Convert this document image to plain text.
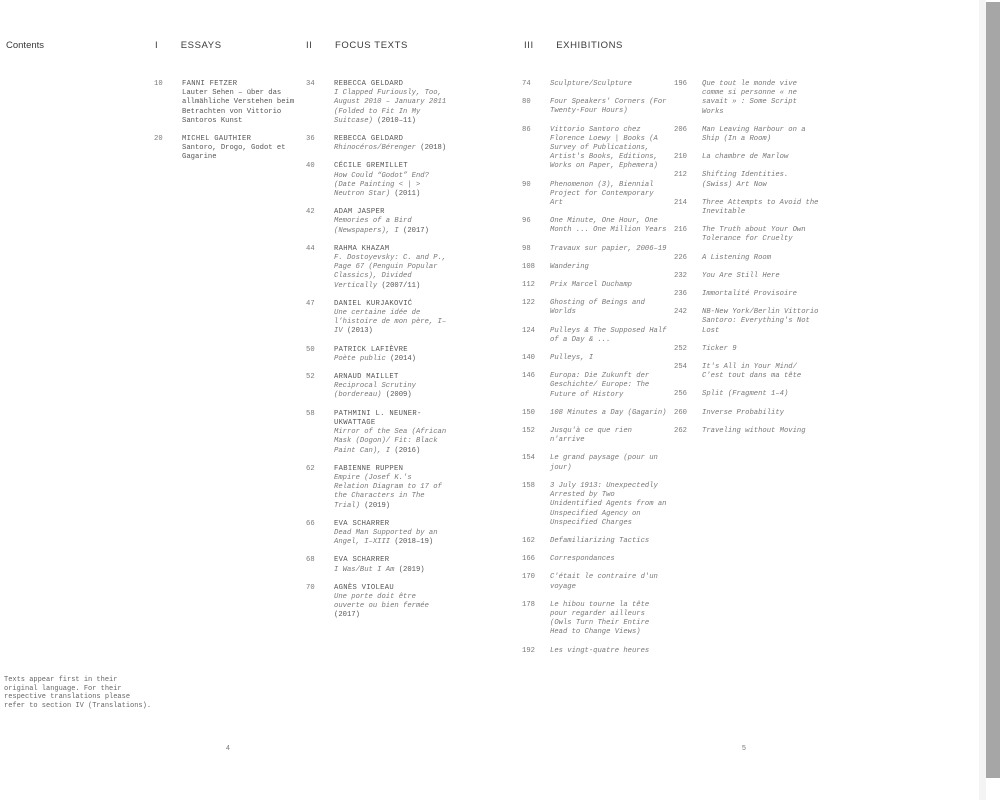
Contents	I ESSAYS	II FOCUS TEXTS	III EXHIBITIONS
10	FANNI FETZER
Lauter Sehen – über das allmähliche Verstehen beim Betrachten von Vittorio Santoros Kunst
20	MICHEL GAUTHIER
Santoro, Drogo, Godot et Gagarine
34	REBECCA GELDARD
I Clapped Furiously, Too, August 2010 – January 2011 (Folded to Fit In My Suitcase) (2010–11)
36	REBECCA GELDARD
Rhinocéros/Bérenger (2018)
40	CÉCILE GREMILLET
How Could “Godot” End? (Date Painting < | > Neutron Star) (2011)
42	ADAM JASPER
Memories of a Bird (Newspapers), I (2017)
44	RAHMA KHAZAM
F. Dostoyevsky: C. and P., Page 67 (Penguin Popular Classics), Divided Vertically (2007/11)
47	DANIEL KURJAKOVIĆ
Une certaine idée de l’histoire de mon père, I–IV (2013)
50	PATRICK LAFIÈVRE
Poète public (2014)
52	ARNAUD MAILLET
Reciprocal Scrutiny (bordereau) (2009)
58	PATHMINI L. NEUNER-UKWATTAGE
Mirror of the Sea (African Mask (Dogon)/ Fit: Black Paint Can), I (2016)
62	FABIENNE RUPPEN
Empire (Josef K.'s Relation Diagram to 17 of the Characters in The Trial) (2019)
66	EVA SCHARRER
Dead Man Supported by an Angel, I–XIII (2018–19)
68	EVA SCHARRER
I Was/But I Am (2019)
70	AGNÈS VIOLEAU
Une porte doit être ouverte ou bien fermée (2017)
74	Sculpture/Sculpture
80	Four Speakers' Corners (For Twenty-Four Hours)
86	Vittorio Santoro chez Florence Loewy | Books (A Survey of Publications, Artist's Books, Editions, Works on Paper, Ephemera)
90	Phenomenon (3), Biennial Project for Contemporary Art
96	One Minute, One Hour, One Month ... One Million Years
98	Travaux sur papier, 2006–19
108	Wandering
112	Prix Marcel Duchamp
122	Ghosting of Beings and Worlds
124	Pulleys & The Supposed Half of a Day & ...
140	Pulleys, I
146	Europa: Die Zukunft der Geschichte/ Europe: The Future of History
150	108 Minutes a Day (Gagarin)
152	Jusqu'à ce que rien n'arrive
154	Le grand paysage (pour un jour)
158	3 July 1913: Unexpectedly Arrested by Two Unidentified Agents from an Unspecified Agency on Unspecified Charges
162	Defamiliarizing Tactics
166	Correspondances
170	C'était le contraire d'un voyage
178	Le hibou tourne la tête pour regarder ailleurs (Owls Turn Their Entire Head to Change Views)
192	Les vingt-quatre heures
196	Que tout le monde vive comme si personne « ne savait » : Some Script Works
206	Man Leaving Harbour on a Ship (In a Room)
210	La chambre de Marlow
212	Shifting Identities. (Swiss) Art Now
214	Three Attempts to Avoid the Inevitable
216	The Truth about Your Own Tolerance for Cruelty
226	A Listening Room
232	You Are Still Here
236	Immortalité Provisoire
242	NB-New York/Berlin Vittorio Santoro: Everything's Not Lost
252	Ticker 9
254	It's All in Your Mind/ C'est tout dans ma tête
256	Split (Fragment 1–4)
260	Inverse Probability
262	Traveling without Moving
Texts appear first in their original language. For their respective translations please refer to section IV (Translations).
4	5
